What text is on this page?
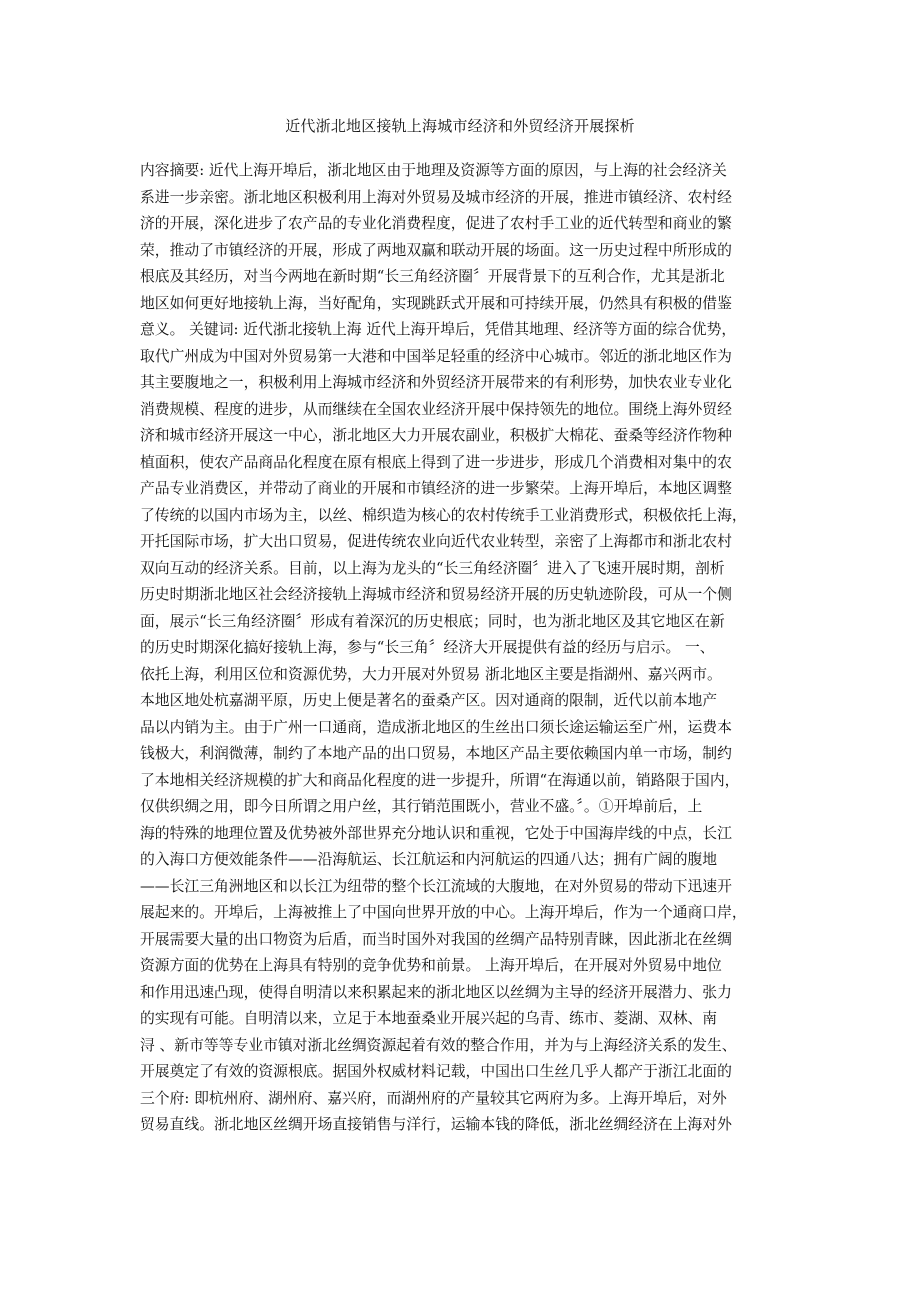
近代浙北地区接轨上海城市经济和外贸经济开展探析
内容摘要: 近代上海开埠后，浙北地区由于地理及资源等方面的原因，与上海的社会经济关
系进一步亲密。浙北地区积极利用上海对外贸易及城市经济的开展，推进市镇经济、农村经
济的开展，深化进步了农产品的专业化消费程度，促进了农村手工业的近代转型和商业的繁
荣，推动了市镇经济的开展，形成了两地双赢和联动开展的场面。这一历史过程中所形成的
根底及其经历，对当今两地在新时期“长三角经济圈〞开展背景下的互利合作，尤其是浙北
地区如何更好地接轨上海，当好配角，实现跳跃式开展和可持续开展，仍然具有积极的借鉴
意义。 关键词: 近代浙北接轨上海 近代上海开埠后，凭借其地理、经济等方面的综合优势，
取代广州成为中国对外贸易第一大港和中国举足轻重的经济中心城市。邻近的浙北地区作为
其主要腹地之一，积极利用上海城市经济和外贸经济开展带来的有利形势，加快农业专业化
消费规模、程度的进步，从而继续在全国农业经济开展中保持领先的地位。围绕上海外贸经
济和城市经济开展这一中心，浙北地区大力开展农副业，积极扩大棉花、蚕桑等经济作物种
植面积，使农产品商品化程度在原有根底上得到了进一步进步，形成几个消费相对集中的农
产品专业消费区，并带动了商业的开展和市镇经济的进一步繁荣。上海开埠后，本地区调整
了传统的以国内市场为主，以丝、棉织造为核心的农村传统手工业消费形式，积极依托上海，
开托国际市场，扩大出口贸易，促进传统农业向近代农业转型，亲密了上海都市和浙北农村
双向互动的经济关系。目前，以上海为龙头的“长三角经济圈〞进入了飞速开展时期，剖析
历史时期浙北地区社会经济接轨上海城市经济和贸易经济开展的历史轨迹阶段，可从一个侧
面，展示“长三角经济圈〞形成有着深沉的历史根底；同时，也为浙北地区及其它地区在新
的历史时期深化搞好接轨上海，参与“长三角〞经济大开展提供有益的经历与启示。 一、
依托上海，利用区位和资源优势，大力开展对外贸易 浙北地区主要是指湖州、嘉兴两市。
本地区地处杭嘉湖平原，历史上便是著名的蚕桑产区。因对通商的限制，近代以前本地产
品以内销为主。由于广州一口通商，造成浙北地区的生丝出口须长途运输运至广州，运费本
钱极大，利润微薄，制约了本地产品的出口贸易，本地区产品主要依赖国内单一市场，制约
了本地相关经济规模的扩大和商品化程度的进一步提升，所谓“在海通以前，销路限于国内，
仅供织绸之用，即今日所谓之用户丝，其行销范围既小，营业不盛。〞。①开埠前后，上
海的特殊的地理位置及优势被外部世界充分地认识和重视，它处于中国海岸线的中点，长江
的入海口方便效能条件——沿海航运、长江航运和内河航运的四通八达；拥有广阔的腹地
——长江三角洲地区和以长江为纽带的整个长江流域的大腹地，在对外贸易的带动下迅速开
展起来的。开埠后，上海被推上了中国向世界开放的中心。上海开埠后，作为一个通商口岸，
开展需要大量的出口物资为后盾，而当时国外对我国的丝绸产品特别青睐，因此浙北在丝绸
资源方面的优势在上海具有特别的竞争优势和前景。 上海开埠后，在开展对外贸易中地位
和作用迅速凸现，使得自明清以来积累起来的浙北地区以丝绸为主导的经济开展潜力、张力
的实现有可能。自明清以来，立足于本地蚕桑业开展兴起的乌青、练市、菱湖、双林、南
浔 、新市等等专业市镇对浙北丝绸资源起着有效的整合作用，并为与上海经济关系的发生、
开展奠定了有效的资源根底。据国外权威材料记载，中国出口生丝几乎人都产于浙江北面的
三个府: 即杭州府、湖州府、嘉兴府，而湖州府的产量较其它两府为多。上海开埠后，对外
贸易直线。浙北地区丝绸开场直接销售与洋行，运输本钱的降低，浙北丝绸经济在上海对外
